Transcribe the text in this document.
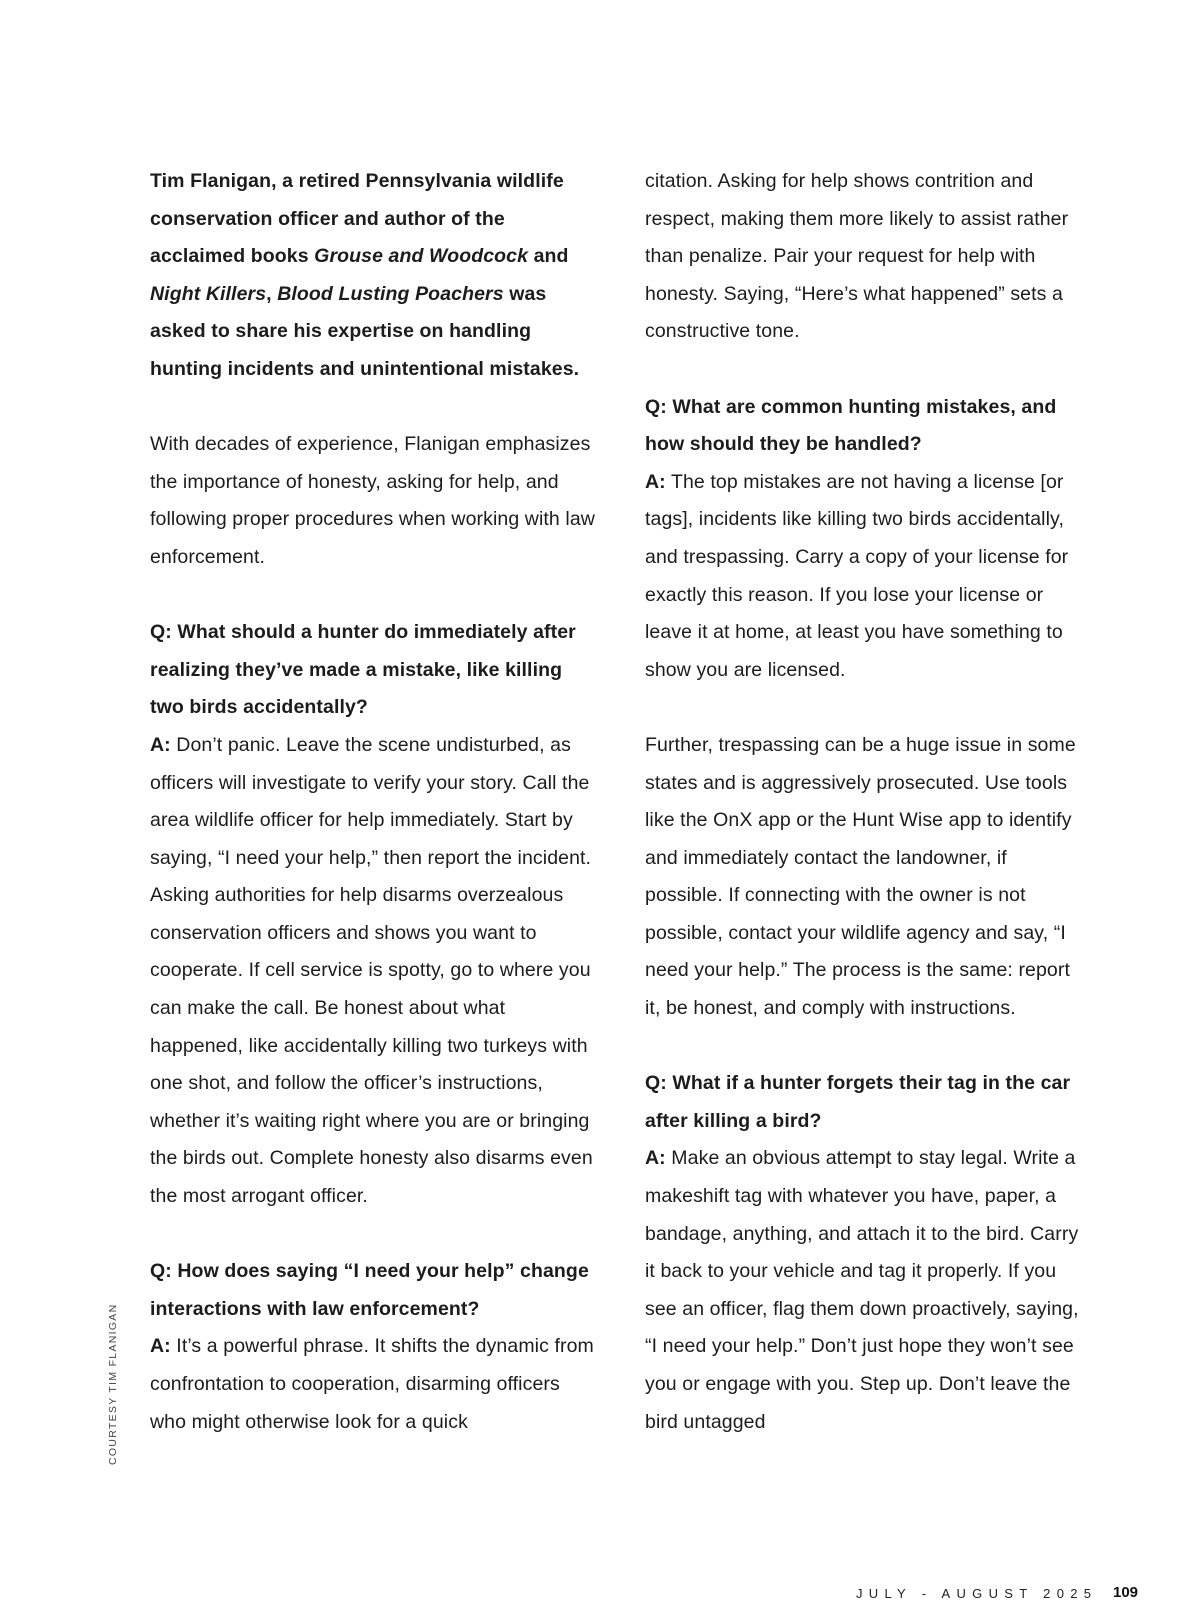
Tim Flanigan, a retired Pennsylvania wildlife conservation officer and author of the acclaimed books Grouse and Woodcock and Night Killers, Blood Lusting Poachers was asked to share his expertise on handling hunting incidents and unintentional mistakes.

With decades of experience, Flanigan emphasizes the importance of honesty, asking for help, and following proper procedures when working with law enforcement.

Q: What should a hunter do immediately after realizing they’ve made a mistake, like killing two birds accidentally?

A: Don’t panic. Leave the scene undisturbed, as officers will investigate to verify your story. Call the area wildlife officer for help immediately. Start by saying, “I need your help,” then report the incident. Asking authorities for help disarms overzealous conservation officers and shows you want to cooperate. If cell service is spotty, go to where you can make the call. Be honest about what happened, like accidentally killing two turkeys with one shot, and follow the officer’s instructions, whether it’s waiting right where you are or bringing the birds out. Complete honesty also disarms even the most arrogant officer.

Q: How does saying “I need your help” change interactions with law enforcement?

A: It’s a powerful phrase. It shifts the dynamic from confrontation to cooperation, disarming officers who might otherwise look for a quick

citation. Asking for help shows contrition and respect, making them more likely to assist rather than penalize. Pair your request for help with honesty. Saying, “Here’s what happened” sets a constructive tone.

Q: What are common hunting mistakes, and how should they be handled?

A: The top mistakes are not having a license [or tags], incidents like killing two birds accidentally, and trespassing. Carry a copy of your license for exactly this reason. If you lose your license or leave it at home, at least you have something to show you are licensed.

Further, trespassing can be a huge issue in some states and is aggressively prosecuted. Use tools like the OnX app or the Hunt Wise app to identify and immediately contact the landowner, if possible. If connecting with the owner is not possible, contact your wildlife agency and say, “I need your help.” The process is the same: report it, be honest, and comply with instructions.

Q: What if a hunter forgets their tag in the car after killing a bird?

A: Make an obvious attempt to stay legal. Write a makeshift tag with whatever you have, paper, a bandage, anything, and attach it to the bird. Carry it back to your vehicle and tag it properly. If you see an officer, flag them down proactively, saying, “I need your help.” Don’t just hope they won’t see you or engage with you. Step up. Don’t leave the bird untagged

COURTESY TIM FLANIGAN
JULY - AUGUST 2025 109
